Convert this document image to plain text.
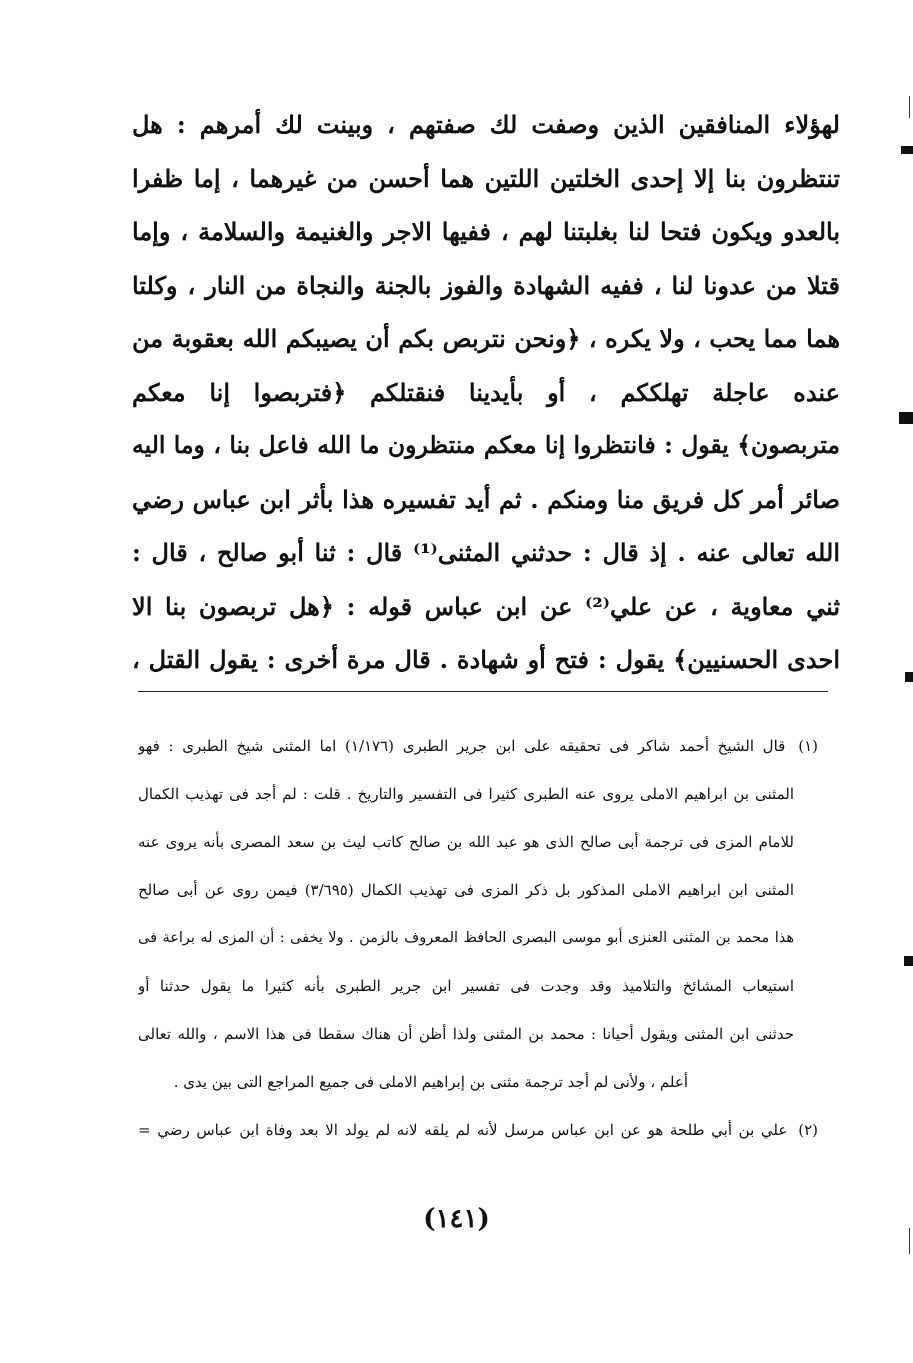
لهؤلاء المنافقين الذين وصفت لك صفتهم ، وبينت لك أمرهم : هل
تنتظرون بنا إلا إحدى الخلتين اللتين هما أحسن من غيرهما ، إما ظفرا
بالعدو ويكون فتحا لنا بغلبتنا لهم ، ففيها الاجر والغنيمة والسلامة ، وإما
قتلا من عدونا لنا ، ففيه الشهادة والفوز بالجنة والنجاة من النار ، وكلتا
هما مما يحب ، ولا يكره ، ﴿ونحن نتربص بكم أن يصيبكم الله بعقوبة من
عنده عاجلة تهلككم ، أو بأيدينا فنقتلكم ﴿فتربصوا إنا معكم
متربصون﴾ يقول : فانتظروا إنا معكم منتظرون ما الله فاعل بنا ، وما اليه
صائر أمر كل فريق منا ومنكم . ثم أيد تفسيره هذا بأثر ابن عباس رضي
الله تعالى عنه . إذ قال : حدثني المثنى⁽¹⁾ قال : ثنا أبو صالح ، قال :
ثني معاوية ، عن علي⁽²⁾ عن ابن عباس قوله : ﴿هل تربصون بنا الا
احدى الحسنيين﴾ يقول : فتح أو شهادة . قال مرة أخرى : يقول القتل ،
(١) قال الشيخ أحمد شاكر فى تحقيقه على ابن جرير الطبرى (١/١٧٦) اما المثنى شيخ الطبرى : فهو
المثنى بن ابراهيم الاملى يروى عنه الطبرى كثيرا فى التفسير والتاريخ . قلت : لم أجد فى تهذيب الكمال
للامام المزى فى ترجمة أبى صالح الذى هو عبد الله بن صالح كاتب ليث بن سعد المصرى بأنه يروى عنه
المثنى ابن ابراهيم الاملى المذكور بل ذكر المزى فى تهذيب الكمال (٣/٦٩٥) فيمن روى عن أبى صالح
هذا محمد بن المثنى العنزى أبو موسى البصرى الحافظ المعروف بالزمن . ولا يخفى : أن المزى له براعة فى
استيعاب المشائخ والتلاميذ وقد وجدت فى تفسير ابن جرير الطبرى بأنه كثيرا ما يقول حدثنا أو
حدثنى ابن المثنى ويقول أحيانا : محمد بن المثنى ولذا أظن أن هناك سقطا فى هذا الاسم ، والله تعالى
أعلم ، ولأنى لم أجد ترجمة مثنى بن إبراهيم الاملى فى جميع المراجع التى بين يدى .
(٢) علي بن أبي طلحة هو عن ابن عباس مرسل لأنه لم يلقه لانه لم يولد الا بعد وفاة ابن عباس رضي =
(١٤١)
